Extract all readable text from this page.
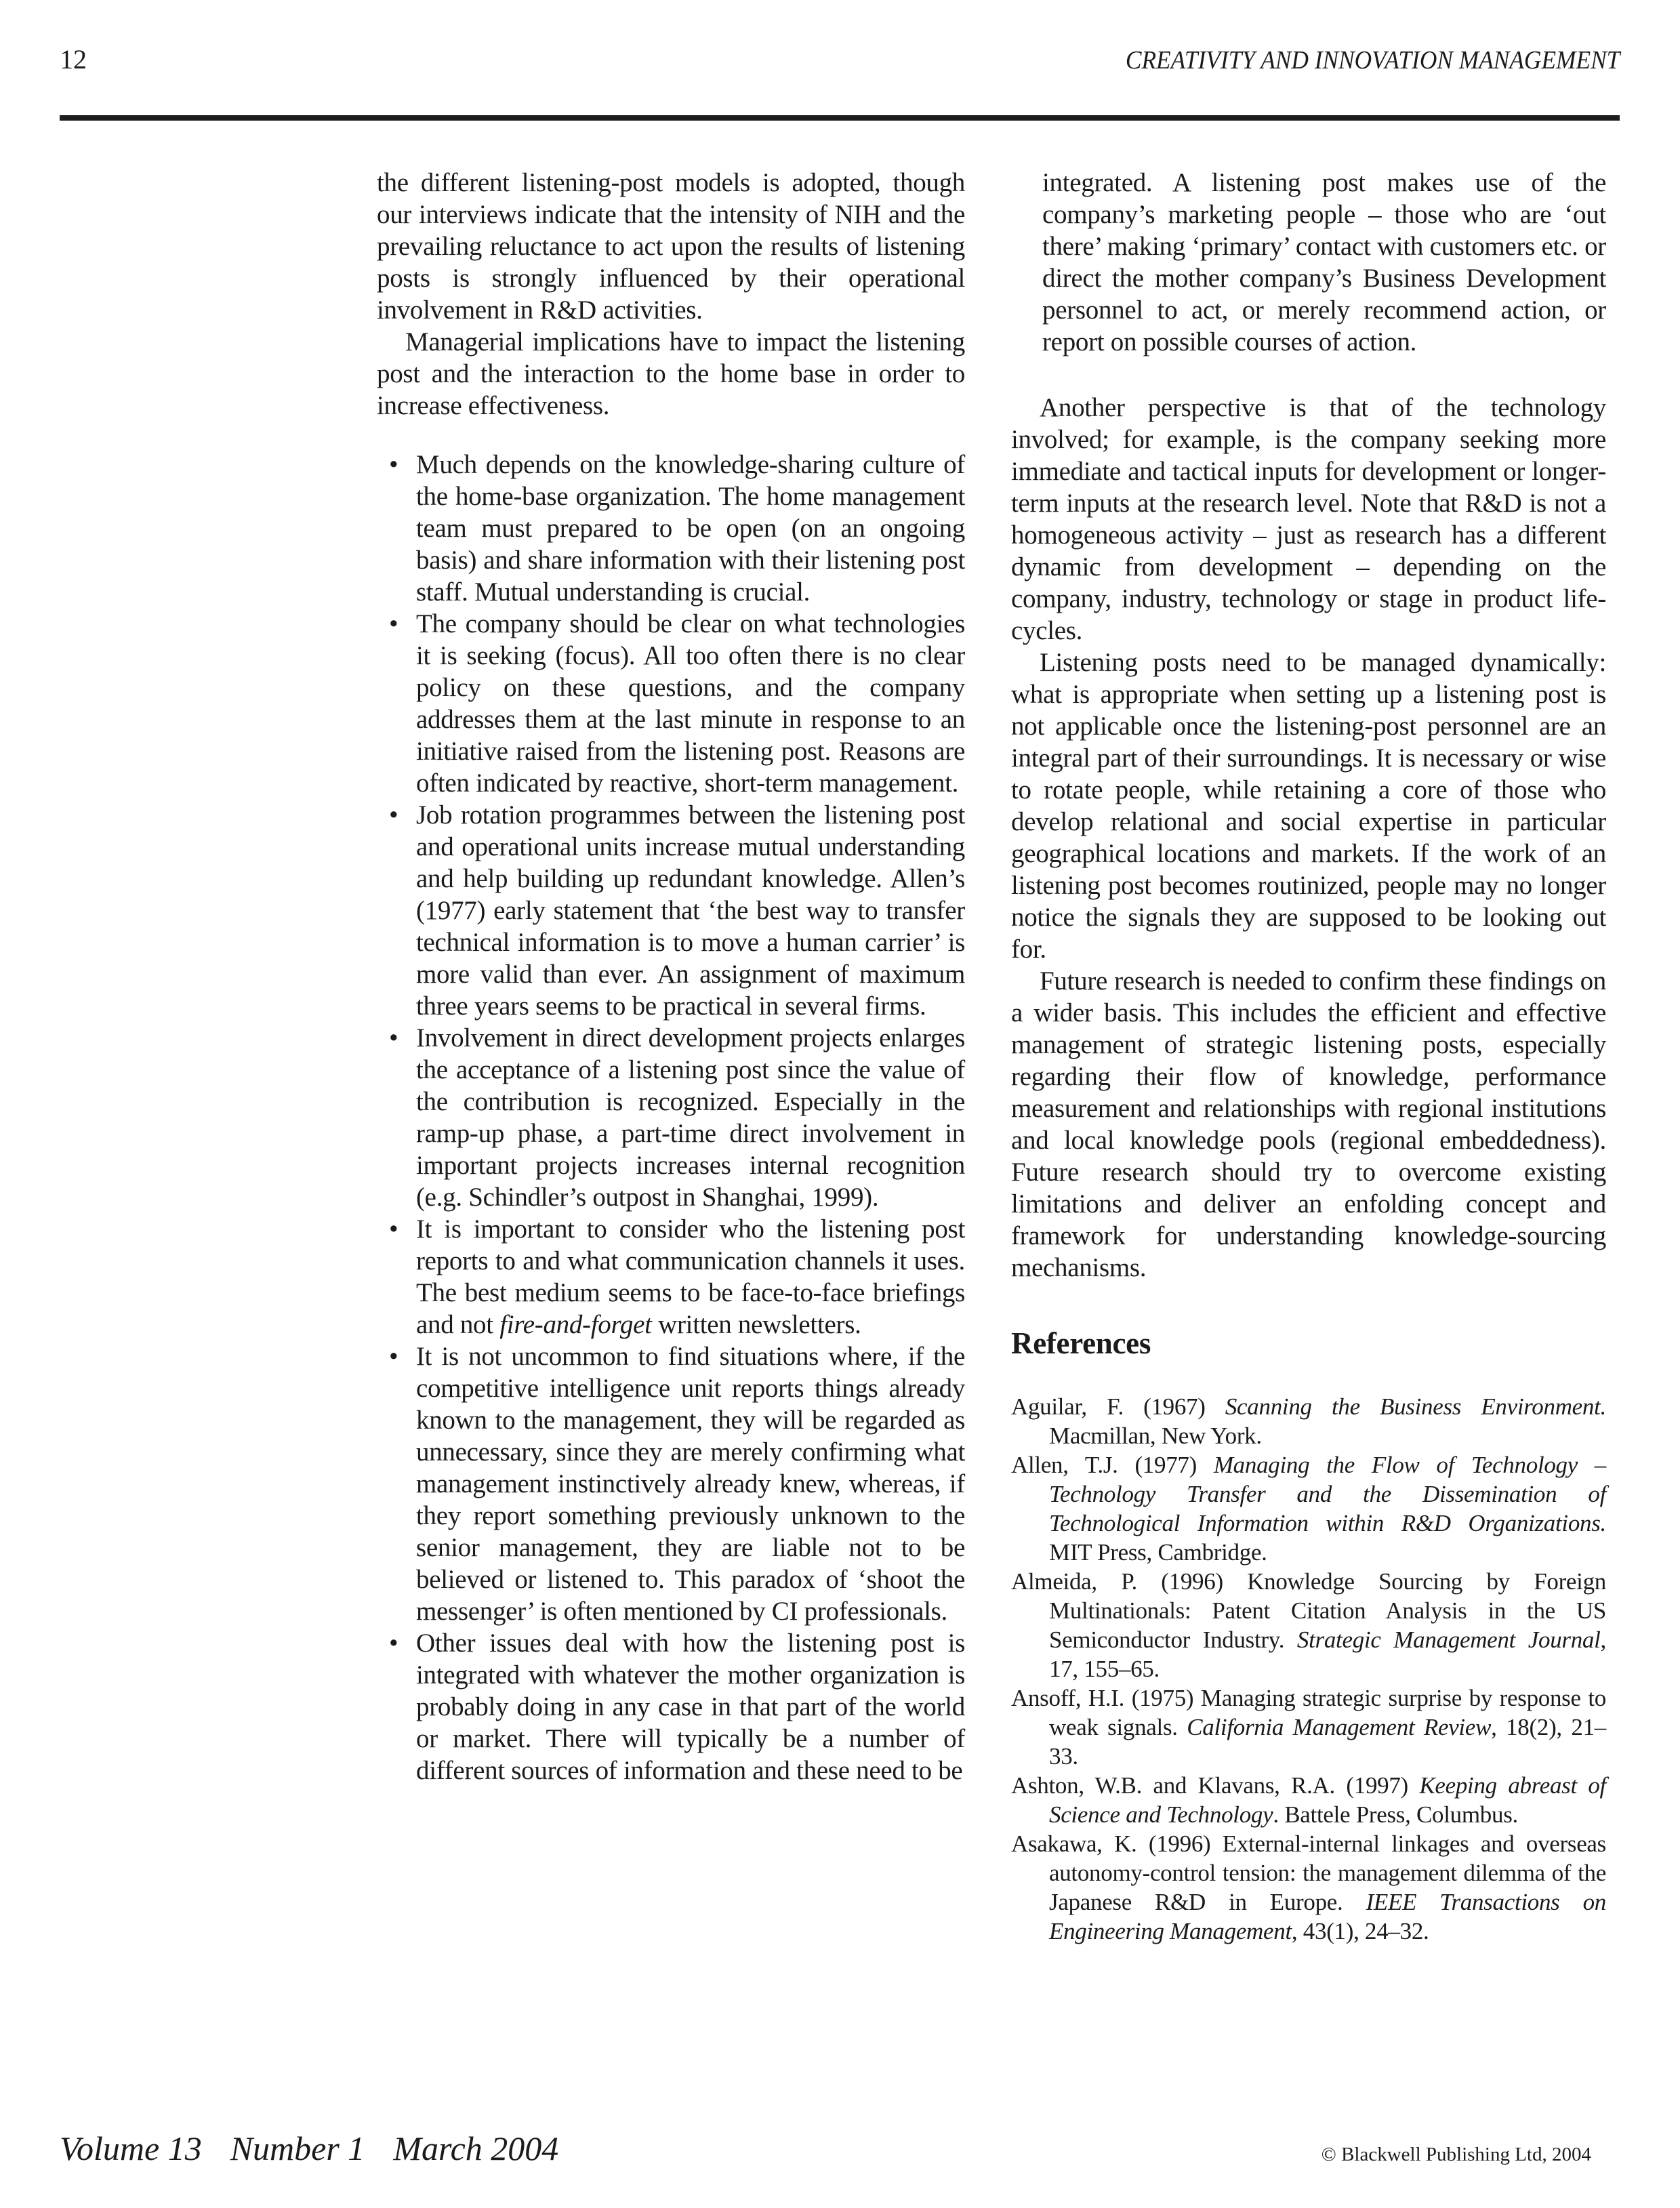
12	CREATIVITY AND INNOVATION MANAGEMENT

the different listening-post models is adopted, though our interviews indicate that the intensity of NIH and the prevailing reluctance to act upon the results of listening posts is strongly influenced by their operational involvement in R&D activities.

Managerial implications have to impact the listening post and the interaction to the home base in order to increase effectiveness.

• Much depends on the knowledge-sharing culture of the home-base organization. The home management team must prepared to be open (on an ongoing basis) and share information with their listening post staff. Mutual understanding is crucial.
• The company should be clear on what technologies it is seeking (focus). All too often there is no clear policy on these questions, and the company addresses them at the last minute in response to an initiative raised from the listening post. Reasons are often indicated by reactive, short-term management.
• Job rotation programmes between the listening post and operational units increase mutual understanding and help building up redundant knowledge. Allen’s (1977) early statement that ‘the best way to transfer technical information is to move a human carrier’ is more valid than ever. An assignment of maximum three years seems to be practical in several firms.
• Involvement in direct development projects enlarges the acceptance of a listening post since the value of the contribution is recognized. Especially in the ramp-up phase, a part-time direct involvement in important projects increases internal recognition (e.g. Schindler’s outpost in Shanghai, 1999).
• It is important to consider who the listening post reports to and what communication channels it uses. The best medium seems to be face-to-face briefings and not fire-and-forget written newsletters.
• It is not uncommon to find situations where, if the competitive intelligence unit reports things already known to the management, they will be regarded as unnecessary, since they are merely confirming what management instinctively already knew, whereas, if they report something previously unknown to the senior management, they are liable not to be believed or listened to. This paradox of ‘shoot the messenger’ is often mentioned by CI professionals.
• Other issues deal with how the listening post is integrated with whatever the mother organization is probably doing in any case in that part of the world or market. There will typically be a number of different sources of information and these need to be

integrated. A listening post makes use of the company’s marketing people – those who are ‘out there’ making ‘primary’ contact with customers etc. or direct the mother company’s Business Development personnel to act, or merely recommend action, or report on possible courses of action.

Another perspective is that of the technology involved; for example, is the company seeking more immediate and tactical inputs for development or longer-term inputs at the research level. Note that R&D is not a homogeneous activity – just as research has a different dynamic from development – depending on the company, industry, technology or stage in product life-cycles.

Listening posts need to be managed dynamically: what is appropriate when setting up a listening post is not applicable once the listening-post personnel are an integral part of their surroundings. It is necessary or wise to rotate people, while retaining a core of those who develop relational and social expertise in particular geographical locations and markets. If the work of an listening post becomes routinized, people may no longer notice the signals they are supposed to be looking out for.

Future research is needed to confirm these findings on a wider basis. This includes the efficient and effective management of strategic listening posts, especially regarding their flow of knowledge, performance measurement and relationships with regional institutions and local knowledge pools (regional embeddedness). Future research should try to overcome existing limitations and deliver an enfolding concept and framework for understanding knowledge-sourcing mechanisms.

References

Aguilar, F. (1967) Scanning the Business Environment. Macmillan, New York.

Allen, T.J. (1977) Managing the Flow of Technology – Technology Transfer and the Dissemination of Technological Information within R&D Organizations. MIT Press, Cambridge.

Almeida, P. (1996) Knowledge Sourcing by Foreign Multinationals: Patent Citation Analysis in the US Semiconductor Industry. Strategic Management Journal, 17, 155–65.

Ansoff, H.I. (1975) Managing strategic surprise by response to weak signals. California Management Review, 18(2), 21–33.

Ashton, W.B. and Klavans, R.A. (1997) Keeping abreast of Science and Technology. Battele Press, Columbus.

Asakawa, K. (1996) External-internal linkages and overseas autonomy-control tension: the management dilemma of the Japanese R&D in Europe. IEEE Transactions on Engineering Management, 43(1), 24–32.

Volume 13 Number 1 March 2004	© Blackwell Publishing Ltd, 2004
